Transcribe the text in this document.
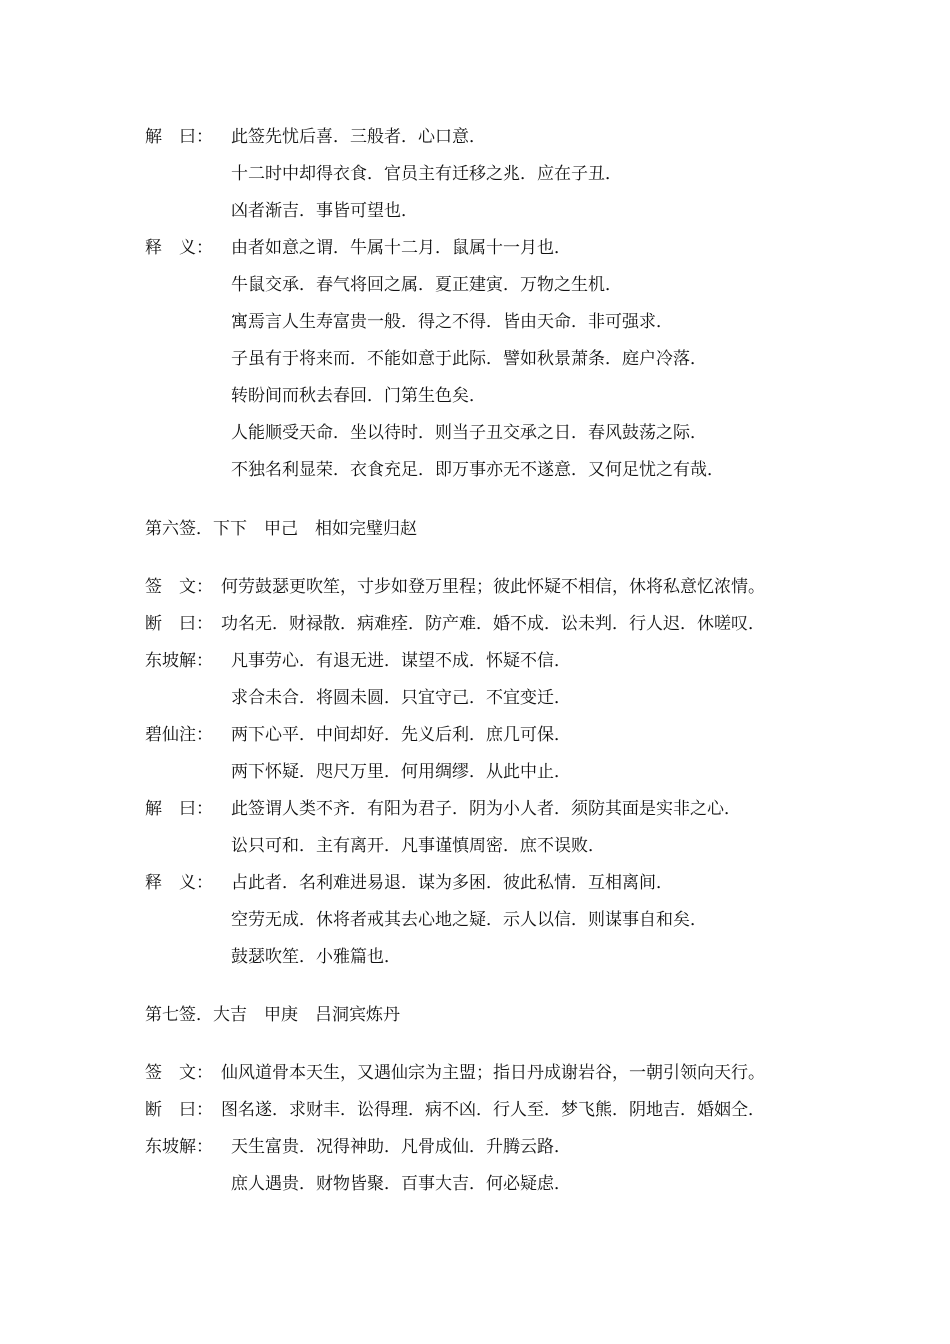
解　曰： 此签先忧后喜．三般者．心口意．
十二时中却得衣食．官员主有迁移之兆．应在子丑．
凶者渐吉．事皆可望也．
释　义： 由者如意之谓．牛属十二月．鼠属十一月也．
牛鼠交承．春气将回之属．夏正建寅．万物之生机．
寓焉言人生寿富贵一般．得之不得．皆由天命．非可强求．
子虽有于将来而．不能如意于此际．譬如秋景萧条．庭户冷落．
转盼间而秋去春回．门第生色矣．
人能顺受天命．坐以待时．则当子丑交承之日．春风鼓荡之际．
不独名利显荣．衣食充足．即万事亦无不遂意．又何足忧之有哉．
第六签．下下　甲己　相如完璧归赵
签　文： 何劳鼓瑟更吹笙，寸步如登万里程；彼此怀疑不相信，休将私意忆浓情。
断　曰： 功名无．财禄散．病难痊．防产难．婚不成．讼未判．行人迟．休嗟叹．
东坡解： 凡事劳心．有退无进．谋望不成．怀疑不信．
求合未合．将圆未圆．只宜守己．不宜变迁．
碧仙注： 两下心平．中间却好．先义后利．庶几可保．
两下怀疑．咫尺万里．何用绸缪．从此中止．
解　曰： 此签谓人类不齐．有阳为君子．阴为小人者．须防其面是实非之心．
讼只可和．主有离开．凡事谨慎周密．庶不误败．
释　义： 占此者．名利难进易退．谋为多困．彼此私情．互相离间．
空劳无成．休将者戒其去心地之疑．示人以信．则谋事自和矣．
鼓瑟吹笙．小雅篇也．
第七签．大吉　甲庚　吕洞宾炼丹
签　文： 仙风道骨本天生，又遇仙宗为主盟；指日丹成谢岩谷，一朝引领向天行。
断　曰： 图名遂．求财丰．讼得理．病不凶．行人至．梦飞熊．阴地吉．婚姻仝．
东坡解： 天生富贵．况得神助．凡骨成仙．升腾云路．
庶人遇贵．财物皆聚．百事大吉．何必疑虑．
